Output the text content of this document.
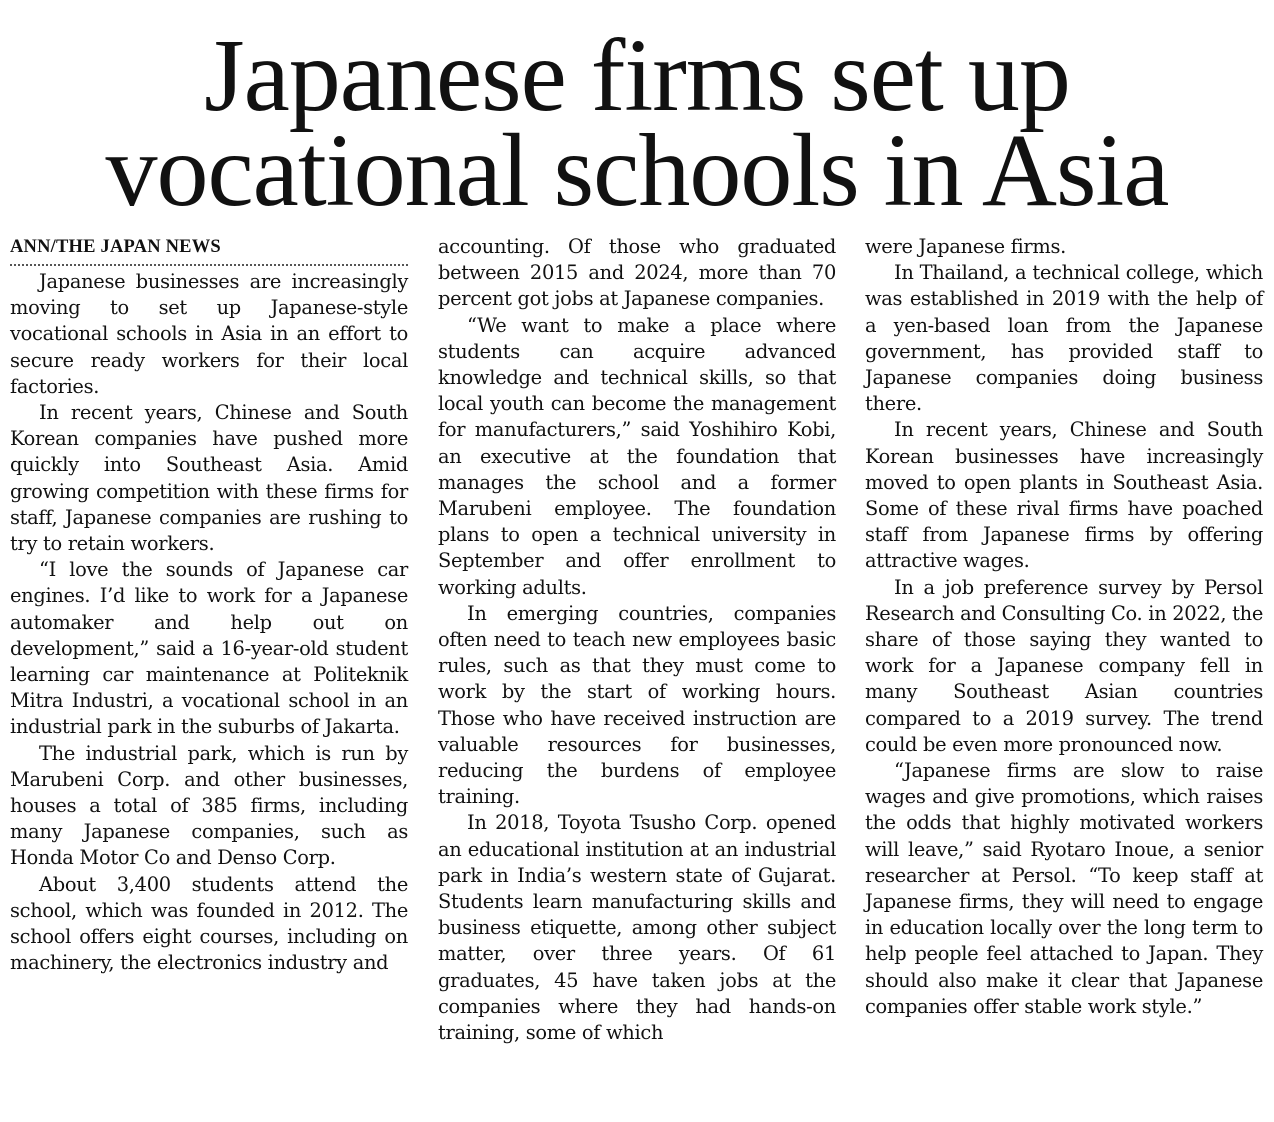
Japanese firms set up
vocational schools in Asia
ANN/THE JAPAN NEWS

Japanese businesses are increasingly moving to set up Japanese-style vocational schools in Asia in an effort to secure ready workers for their local factories.

In recent years, Chinese and South Korean companies have pushed more quickly into Southeast Asia. Amid growing competition with these firms for staff, Japanese companies are rushing to try to retain workers.

“I love the sounds of Japanese car engines. I’d like to work for a Japanese automaker and help out on development,” said a 16-year-old student learning car maintenance at Politeknik Mitra Industri, a vocational school in an industrial park in the suburbs of Jakarta.

The industrial park, which is run by Marubeni Corp. and other businesses, houses a total of 385 firms, including many Japanese companies, such as Honda Motor Co and Denso Corp.

About 3,400 students attend the school, which was founded in 2012. The school offers eight courses, including on machinery, the electronics industry and

accounting. Of those who graduated between 2015 and 2024, more than 70 percent got jobs at Japanese companies.

“We want to make a place where students can acquire advanced knowledge and technical skills, so that local youth can become the management for manufacturers,” said Yoshihiro Kobi, an executive at the foundation that manages the school and a former Marubeni employee. The foundation plans to open a technical university in September and offer enrollment to working adults.

In emerging countries, companies often need to teach new employees basic rules, such as that they must come to work by the start of working hours. Those who have received instruction are valuable resources for businesses, reducing the burdens of employee training.

In 2018, Toyota Tsusho Corp. opened an educational institution at an industrial park in India’s western state of Gujarat. Students learn manufacturing skills and business etiquette, among other subject matter, over three years. Of 61 graduates, 45 have taken jobs at the companies where they had hands-on training, some of which

were Japanese firms.

In Thailand, a technical college, which was established in 2019 with the help of a yen-based loan from the Japanese government, has provided staff to Japanese companies doing business there.

In recent years, Chinese and South Korean businesses have increasingly moved to open plants in Southeast Asia. Some of these rival firms have poached staff from Japanese firms by offering attractive wages.

In a job preference survey by Persol Research and Consulting Co. in 2022, the share of those saying they wanted to work for a Japanese company fell in many Southeast Asian countries compared to a 2019 survey. The trend could be even more pronounced now.

“Japanese firms are slow to raise wages and give promotions, which raises the odds that highly motivated workers will leave,” said Ryotaro Inoue, a senior researcher at Persol. “To keep staff at Japanese firms, they will need to engage in education locally over the long term to help people feel attached to Japan. They should also make it clear that Japanese companies offer stable work style.”
